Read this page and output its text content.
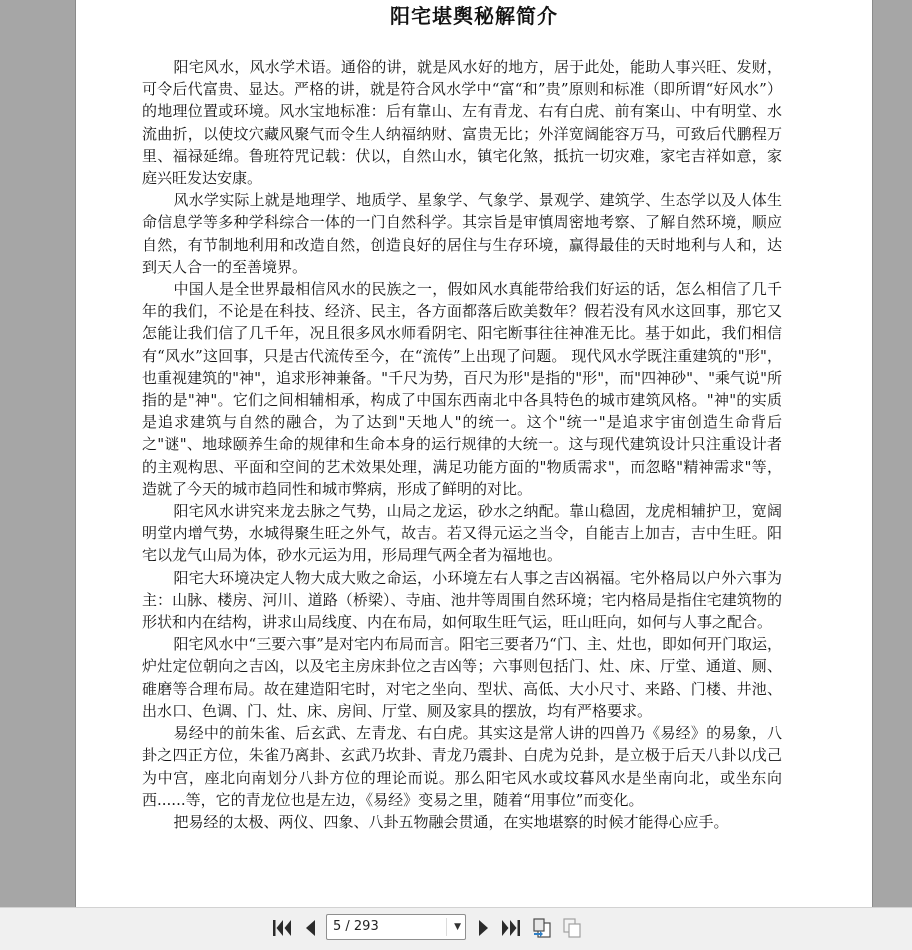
阳宅堪舆秘解简介

阳宅风水，风水学术语。通俗的讲，就是风水好的地方，居于此处，能助人事兴旺、发财，可令后代富贵、显达。严格的讲，就是符合风水学中“富“和”贵”原则和标准（即所谓“好风水”）的地理位置或环境。风水宝地标准：后有靠山、左有青龙、右有白虎、前有案山、中有明堂、水流曲折，以使坟穴藏风聚气而令生人纳福纳财、富贵无比；外洋宽阔能容万马，可致后代鹏程万里、福禄延绵。鲁班符咒记载：伏以，自然山水，镇宅化煞，抵抗一切灾难，家宅吉祥如意，家庭兴旺发达安康。

风水学实际上就是地理学、地质学、星象学、气象学、景观学、建筑学、生态学以及人体生命信息学等多种学科综合一体的一门自然科学。其宗旨是审慎周密地考察、了解自然环境，顺应自然，有节制地利用和改造自然，创造良好的居住与生存环境，赢得最佳的天时地利与人和，达到天人合一的至善境界。

中国人是全世界最相信风水的民族之一，假如风水真能带给我们好运的话，怎么相信了几千年的我们，不论是在科技、经济、民主，各方面都落后欧美数年？假若没有风水这回事，那它又怎能让我们信了几千年，况且很多风水师看阴宅、阳宅断事往往神准无比。基于如此，我们相信有“风水”这回事，只是古代流传至今，在“流传”上出现了问题。 现代风水学既注重建筑的"形"，也重视建筑的"神"，追求形神兼备。"千尺为势，百尺为形"是指的"形"，而"四神砂"、"乘气说"所指的是"神"。它们之间相辅相承，构成了中国东西南北中各具特色的城市建筑风格。"神"的实质是追求建筑与自然的融合，为了达到"天地人"的统一。这个"统一"是追求宇宙创造生命背后之"谜"、地球颐养生命的规律和生命本身的运行规律的大统一。这与现代建筑设计只注重设计者的主观构思、平面和空间的艺术效果处理，满足功能方面的"物质需求"，而忽略"精神需求"等，造就了今天的城市趋同性和城市弊病，形成了鲜明的对比。

阳宅风水讲究来龙去脉之气势，山局之龙运，砂水之纳配。靠山稳固，龙虎相辅护卫，宽阔明堂内增气势，水城得聚生旺之外气，故吉。若又得元运之当令，自能吉上加吉，吉中生旺。阳宅以龙气山局为体，砂水元运为用，形局理气两全者为福地也。

阳宅大环境决定人物大成大败之命运，小环境左右人事之吉凶祸福。宅外格局以户外六事为主：山脉、楼房、河川、道路（桥梁）、寺庙、池井等周围自然环境；宅内格局是指住宅建筑物的形状和内在结构，讲求山局线度、内在布局，如何取生旺气运，旺山旺向，如何与人事之配合。

阳宅风水中“三要六事”是对宅内布局而言。阳宅三要者乃“门、主、灶也，即如何开门取运，炉灶定位朝向之吉凶，以及宅主房床卦位之吉凶等；六事则包括门、灶、床、厅堂、通道、厕、碓磨等合理布局。故在建造阳宅时，对宅之坐向、型状、高低、大小尺寸、来路、门楼、井池、出水口、色调、门、灶、床、房间、厅堂、厕及家具的摆放，均有严格要求。

易经中的前朱雀、后玄武、左青龙、右白虎。其实这是常人讲的四兽乃《易经》的易象，八卦之四正方位，朱雀乃离卦、玄武乃坎卦、青龙乃震卦、白虎为兑卦，是立极于后天八卦以戊己为中宫，座北向南划分八卦方位的理论而说。那么阳宅风水或坟暮风水是坐南向北，或坐东向西......等，它的青龙位也是左边，《易经》变易之里，随着“用事位”而变化。

把易经的太极、两仪、四象、八卦五物融会贯通，在实地堪察的时候才能得心应手。

5 / 293	▼
